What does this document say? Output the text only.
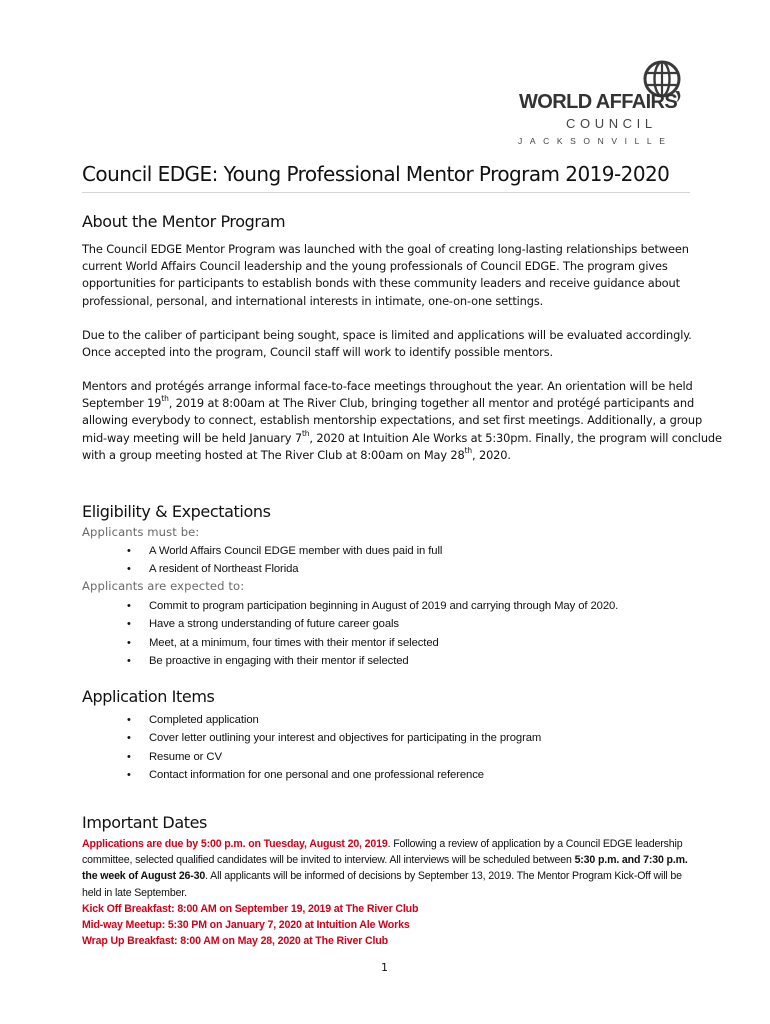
WORLD AFFAIRS
COUNCIL
JACKSONVILLE
Council EDGE: Young Professional Mentor Program 2019-2020
About the Mentor Program

The Council EDGE Mentor Program was launched with the goal of creating long-lasting relationships between current World Affairs Council leadership and the young professionals of Council EDGE. The program gives opportunities for participants to establish bonds with these community leaders and receive guidance about professional, personal, and international interests in intimate, one-on-one settings.

Due to the caliber of participant being sought, space is limited and applications will be evaluated accordingly. Once accepted into the program, Council staff will work to identify possible mentors.

Mentors and protégés arrange informal face-to-face meetings throughout the year. An orientation will be held September 19th, 2019 at 8:00am at The River Club, bringing together all mentor and protégé participants and allowing everybody to connect, establish mentorship expectations, and set first meetings. Additionally, a group mid-way meeting will be held January 7th, 2020 at Intuition Ale Works at 5:30pm. Finally, the program will conclude with a group meeting hosted at The River Club at 8:00am on May 28th, 2020.

Eligibility & Expectations

Applicants must be:

• A World Affairs Council EDGE member with dues paid in full
• A resident of Northeast Florida

Applicants are expected to:

• Commit to program participation beginning in August of 2019 and carrying through May of 2020.
• Have a strong understanding of future career goals
• Meet, at a minimum, four times with their mentor if selected
• Be proactive in engaging with their mentor if selected
Application Items
• Completed application
• Cover letter outlining your interest and objectives for participating in the program
• Resume or CV
• Contact information for one personal and one professional reference
Important Dates

Applications are due by 5:00 p.m. on Tuesday, August 20, 2019. Following a review of application by a Council EDGE leadership committee, selected qualified candidates will be invited to interview. All interviews will be scheduled between 5:30 p.m. and 7:30 p.m. the week of August 26-30. All applicants will be informed of decisions by September 13, 2019. The Mentor Program Kick-Off will be held in late September.
Kick Off Breakfast: 8:00 AM on September 19, 2019 at The River Club
Mid-way Meetup: 5:30 PM on January 7, 2020 at Intuition Ale Works
Wrap Up Breakfast: 8:00 AM on May 28, 2020 at The River Club

1
